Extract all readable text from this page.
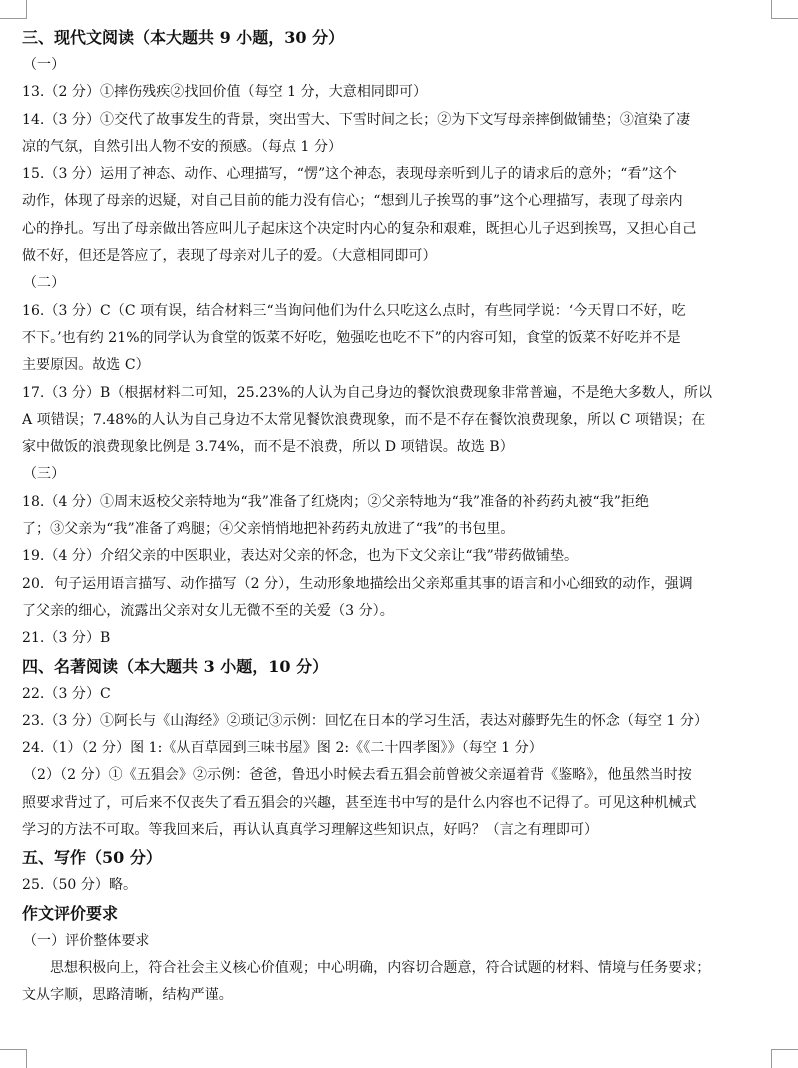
三、现代文阅读（本大题共 9 小题，30 分）
（一）
13.（2 分）①摔伤残疾②找回价值（每空 1 分，大意相同即可）
14.（3 分）①交代了故事发生的背景，突出雪大、下雪时间之长；②为下文写母亲摔倒做铺垫；③渲染了凄
凉的气氛，自然引出人物不安的预感。（每点 1 分）
15.（3 分）运用了神态、动作、心理描写，“愣”这个神态，表现母亲听到儿子的请求后的意外；“看”这个
动作，体现了母亲的迟疑，对自己目前的能力没有信心；“想到儿子挨骂的事”这个心理描写，表现了母亲内
心的挣扎。写出了母亲做出答应叫儿子起床这个决定时内心的复杂和艰难，既担心儿子迟到挨骂，又担心自己
做不好，但还是答应了，表现了母亲对儿子的爱。（大意相同即可）
（二）
16.（3 分）C（C 项有误，结合材料三“当询问他们为什么只吃这么点时，有些同学说：‘今天胃口不好，吃
不下。’也有约 21%的同学认为食堂的饭菜不好吃，勉强吃也吃不下”的内容可知，食堂的饭菜不好吃并不是
主要原因。故选 C）
17.（3 分）B（根据材料二可知，25.23%的人认为自己身边的餐饮浪费现象非常普遍，不是绝大多数人，所以
A 项错误；7.48%的人认为自己身边不太常见餐饮浪费现象，而不是不存在餐饮浪费现象，所以 C 项错误；在
家中做饭的浪费现象比例是 3.74%，而不是不浪费，所以 D 项错误。故选 B）
（三）
18.（4 分）①周末返校父亲特地为“我”准备了红烧肉；②父亲特地为“我”准备的补药药丸被“我”拒绝
了；③父亲为“我”准备了鸡腿；④父亲悄悄地把补药药丸放进了“我”的书包里。
19.（4 分）介绍父亲的中医职业，表达对父亲的怀念，也为下文父亲让“我”带药做铺垫。
20．句子运用语言描写、动作描写（2 分），生动形象地描绘出父亲郑重其事的语言和小心细致的动作，强调
了父亲的细心，流露出父亲对女儿无微不至的关爱（3 分）。
21.（3 分）B
四、名著阅读（本大题共 3 小题，10 分）
22.（3 分）C
23.（3 分）①阿长与《山海经》②琐记③示例：回忆在日本的学习生活，表达对藤野先生的怀念（每空 1 分）
24.（1）（2 分）图 1:《从百草园到三味书屋》图 2:《《二十四孝图》》（每空 1 分）
（2）（2 分）①《五猖会》②示例：爸爸，鲁迅小时候去看五猖会前曾被父亲逼着背《鉴略》，他虽然当时按
照要求背过了，可后来不仅丧失了看五猖会的兴趣，甚至连书中写的是什么内容也不记得了。可见这种机械式
学习的方法不可取。等我回来后，再认认真真学习理解这些知识点，好吗？（言之有理即可）
五、写作（50 分）
25.（50 分）略。
作文评价要求
（一）评价整体要求
思想积极向上，符合社会主义核心价值观；中心明确，内容切合题意，符合试题的材料、情境与任务要求；
文从字顺，思路清晰，结构严谨。
